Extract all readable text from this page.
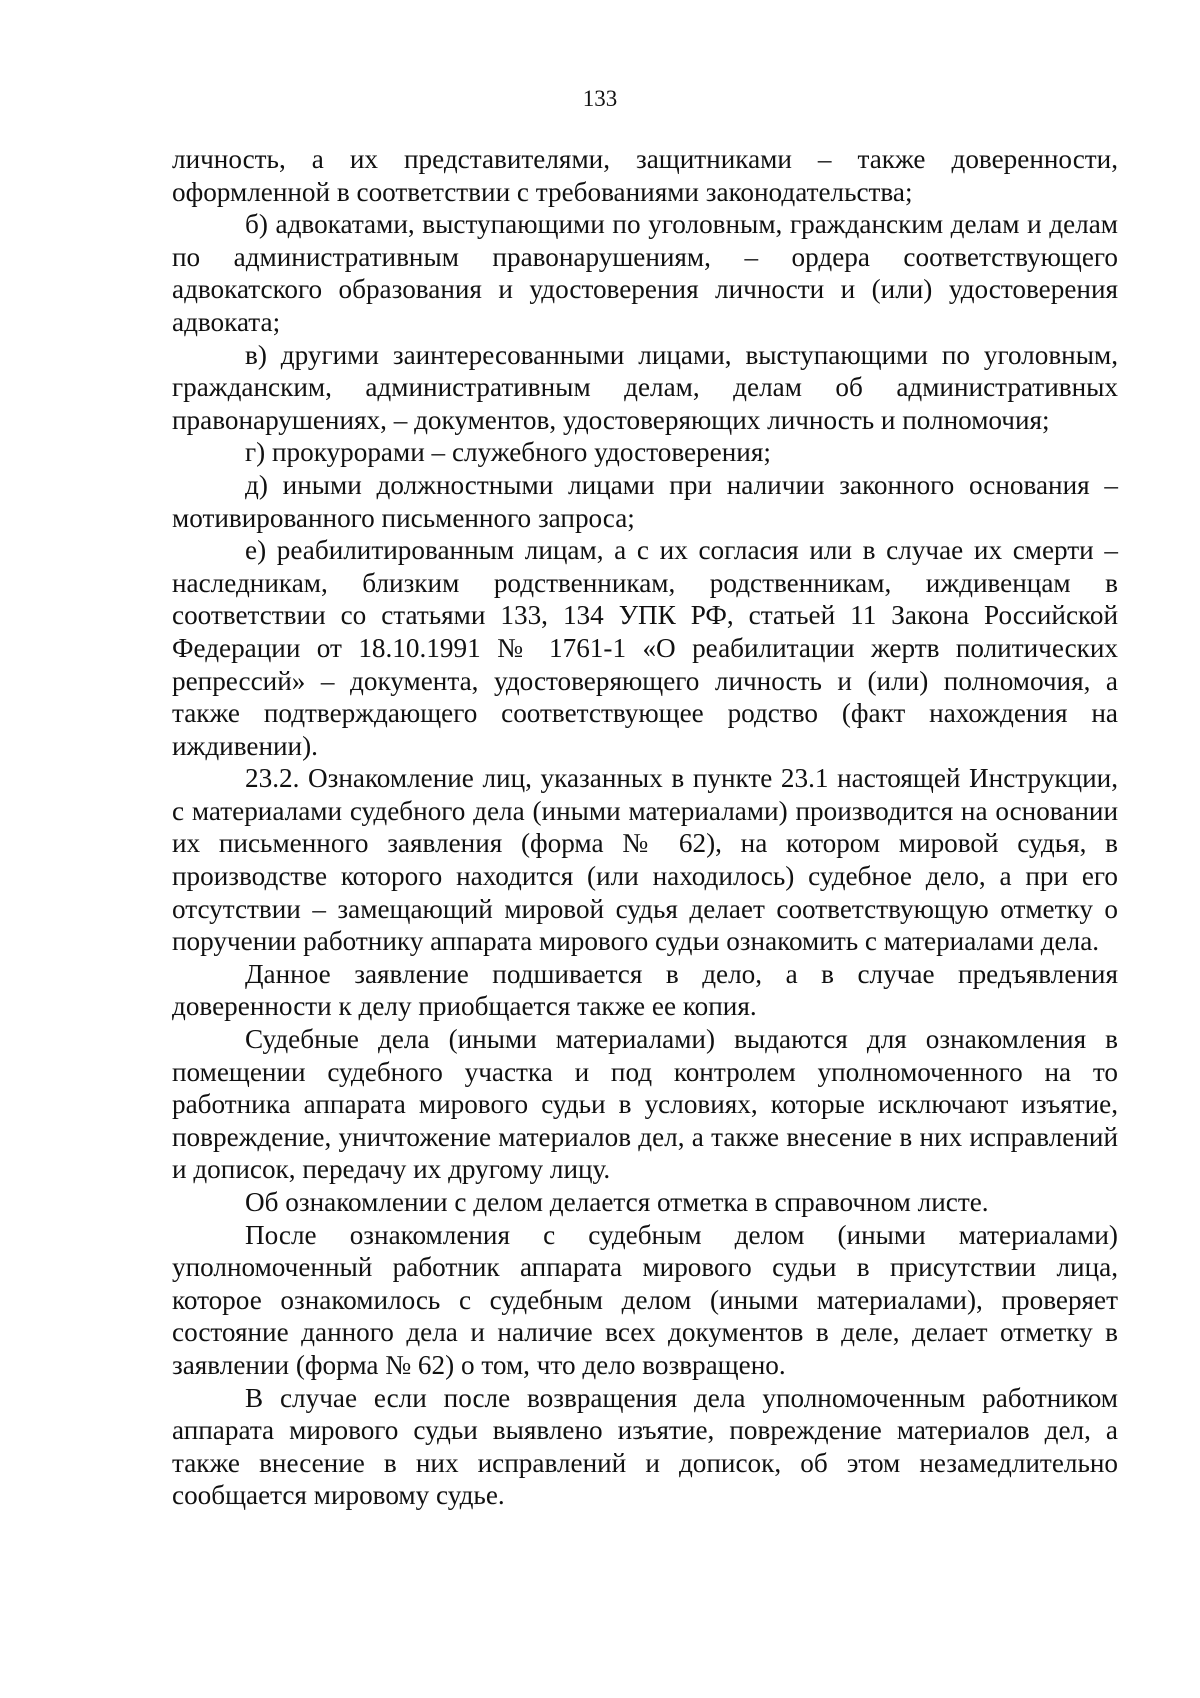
133

личность, а их представителями, защитниками – также доверенности, оформленной в соответствии с требованиями законодательства;

б) адвокатами, выступающими по уголовным, гражданским делам и делам по административным правонарушениям, – ордера соответствующего адвокатского образования и удостоверения личности и (или) удостоверения адвоката;

в) другими заинтересованными лицами, выступающими по уголовным, гражданским, административным делам, делам об административных правонарушениях, – документов, удостоверяющих личность и полномочия;

г) прокурорами – служебного удостоверения;

д) иными должностными лицами при наличии законного основания – мотивированного письменного запроса;

е) реабилитированным лицам, а с их согласия или в случае их смерти – наследникам, близким родственникам, родственникам, иждивенцам в соответствии со статьями 133, 134 УПК РФ, статьей 11 Закона Российской Федерации от 18.10.1991 № 1761-1 «О реабилитации жертв политических репрессий» – документа, удостоверяющего личность и (или) полномочия, а также подтверждающего соответствующее родство (факт нахождения на иждивении).

23.2. Ознакомление лиц, указанных в пункте 23.1 настоящей Инструкции, с материалами судебного дела (иными материалами) производится на основании их письменного заявления (форма № 62), на котором мировой судья, в производстве которого находится (или находилось) судебное дело, а при его отсутствии – замещающий мировой судья делает соответствующую отметку о поручении работнику аппарата мирового судьи ознакомить с материалами дела.

Данное заявление подшивается в дело, а в случае предъявления доверенности к делу приобщается также ее копия.

Судебные дела (иными материалами) выдаются для ознакомления в помещении судебного участка и под контролем уполномоченного на то работника аппарата мирового судьи в условиях, которые исключают изъятие, повреждение, уничтожение материалов дел, а также внесение в них исправлений и дописок, передачу их другому лицу.

Об ознакомлении с делом делается отметка в справочном листе.

После ознакомления с судебным делом (иными материалами) уполномоченный работник аппарата мирового судьи в присутствии лица, которое ознакомилось с судебным делом (иными материалами), проверяет состояние данного дела и наличие всех документов в деле, делает отметку в заявлении (форма № 62) о том, что дело возвращено.

В случае если после возвращения дела уполномоченным работником аппарата мирового судьи выявлено изъятие, повреждение материалов дел, а также внесение в них исправлений и дописок, об этом незамедлительно сообщается мировому судье.
